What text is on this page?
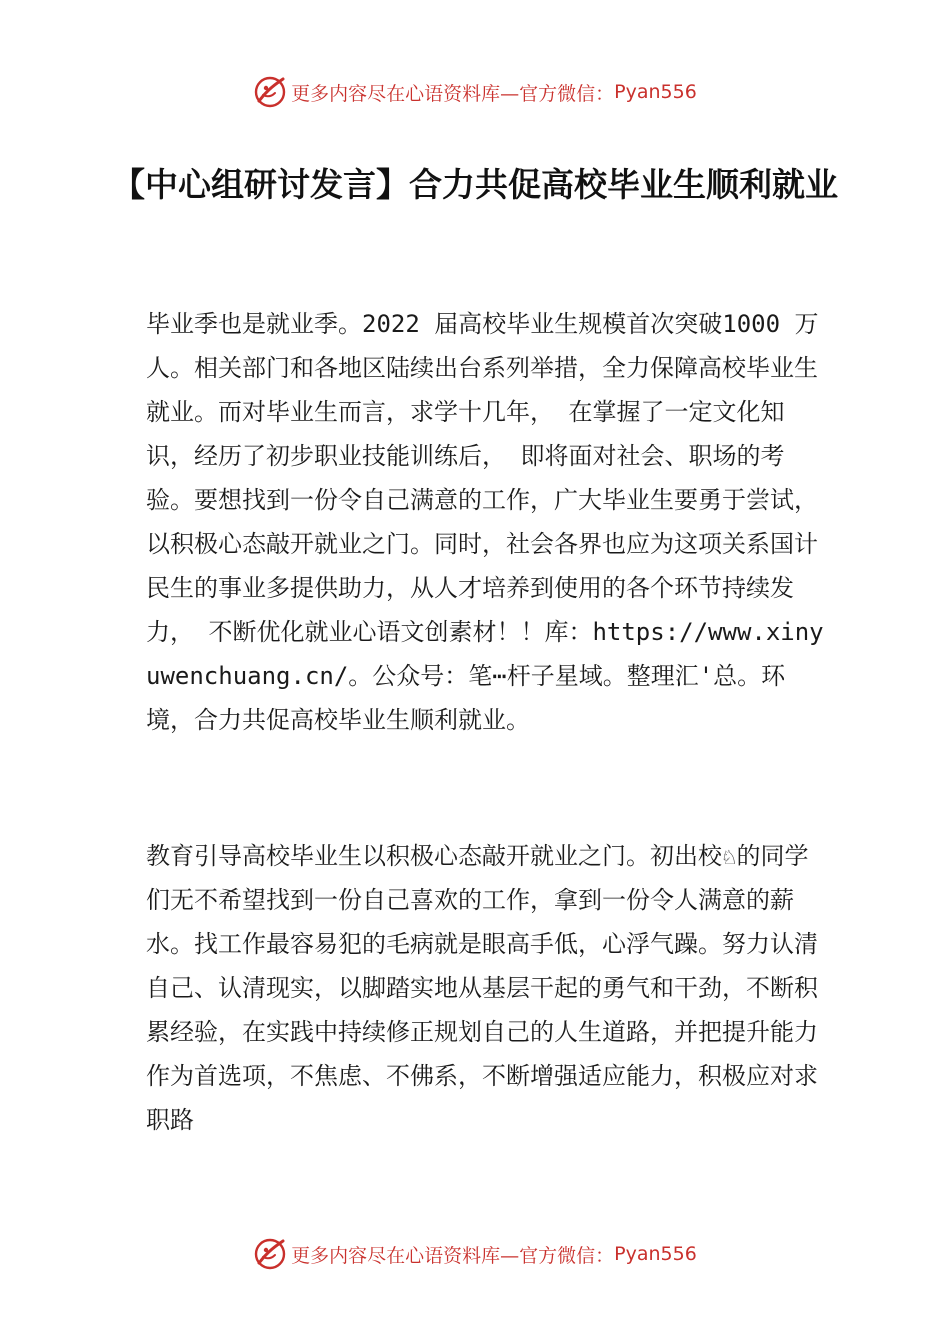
更多内容尽在心语资料库—官方微信： Pyan556
【中心组研讨发言】合力共促高校毕业生顺利就业

毕业季也是就业季。2022 届高校毕业生规模首次突破1000 万人。相关部门和各地区陆续出台系列举措，全力保障高校毕业生就业。而对毕业生而言，求学十几年， 在掌握了一定文化知识，经历了初步职业技能训练后， 即将面对社会、职场的考验。要想找到一份令自己满意的工作，广大毕业生要勇于尝试，以积极心态敲开就业之门。同时，社会各界也应为这项关系国计民生的事业多提供助力，从人才培养到使用的各个环节持续发力， 不断优化就业心语文创素材！！库：https://www.xinyuwenchuang.cn/。公众号：笔⋯杆子星域。整理汇'总。环境，合力共促高校毕业生顺利就业。

教育引导高校毕业生以积极心态敲开就业之门。初出校♘的同学们无不希望找到一份自己喜欢的工作，拿到一份令人满意的薪水。找工作最容易犯的毛病就是眼高手低，心浮气躁。努力认清自己、认清现实，以脚踏实地从基层干起的勇气和干劲，不断积累经验，在实践中持续修正规划自己的人生道路，并把提升能力作为首选项，不焦虑、不佛系，不断增强适应能力，积极应对求职路

更多内容尽在心语资料库—官方微信： Pyan556
